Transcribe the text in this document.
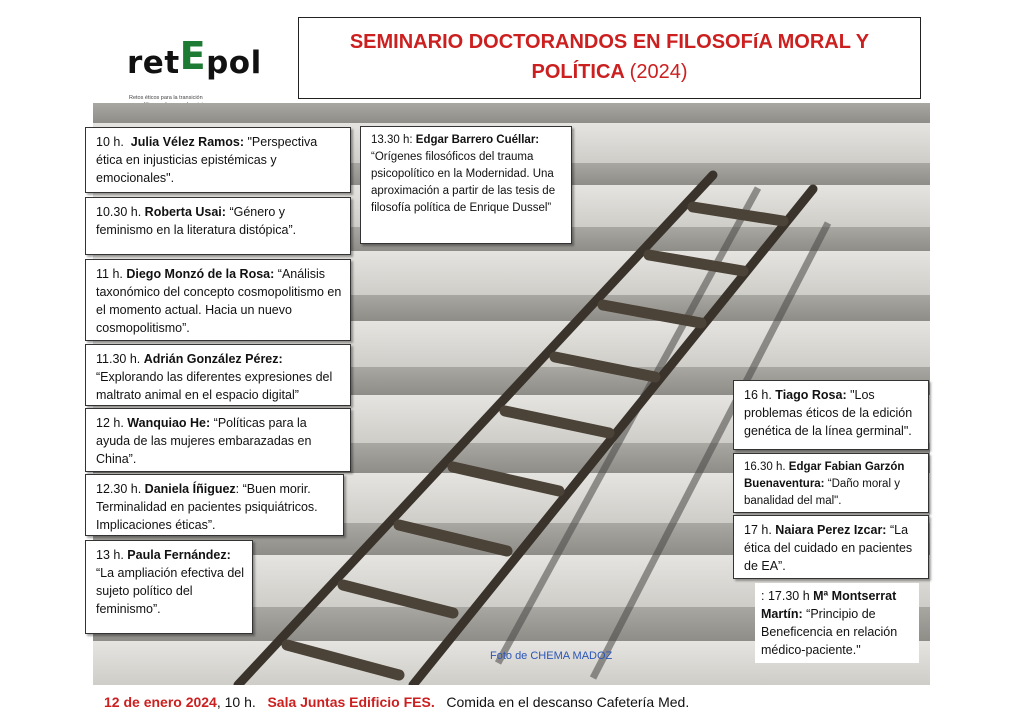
retEpol
Retos éticos para la transición
SEMINARIO DOCTORANDOS EN FILOSOFíA MORAL Y
POLÍTICA (2024)
Foto de CHEMA MADOZ
10 h. Julia Vélez Ramos: "Perspectiva ética en injusticias epistémicas y emocionales".
10.30 h. Roberta Usai: “Género y feminismo en la literatura distópica”.
11 h. Diego Monzó de la Rosa: “Análisis taxonómico del concepto cosmopolitismo en el momento actual. Hacia un nuevo cosmopolitismo”.
11.30 h. Adrián González Pérez: “Explorando las diferentes expresiones del maltrato animal en el espacio digital”
12 h. Wanquiao He: “Políticas para la ayuda de las mujeres embarazadas en China”.
12.30 h. Daniela Íñiguez: “Buen morir. Terminalidad en pacientes psiquiátricos. Implicaciones éticas”.
13 h. Paula Fernández: “La ampliación efectiva del sujeto político del feminismo”.
13.30 h: Edgar Barrero Cuéllar: “Orígenes filosóficos del trauma psicopolítico en la Modernidad. Una aproximación a partir de las tesis de filosofía política de Enrique Dussel”
16 h. Tiago Rosa: "Los problemas éticos de la edición genética de la línea germinal".
16.30 h. Edgar Fabian Garzón Buenaventura: “Daño moral y banalidad del mal".
17 h. Naiara Perez Izcar: “La ética del cuidado en pacientes de EA”.
: 17.30 h Mª Montserrat Martín: “Principio de Beneficencia en relación médico-paciente."
12 de enero 2024, 10 h. Sala Juntas Edificio FES. Comida en el descanso Cafetería Med.
